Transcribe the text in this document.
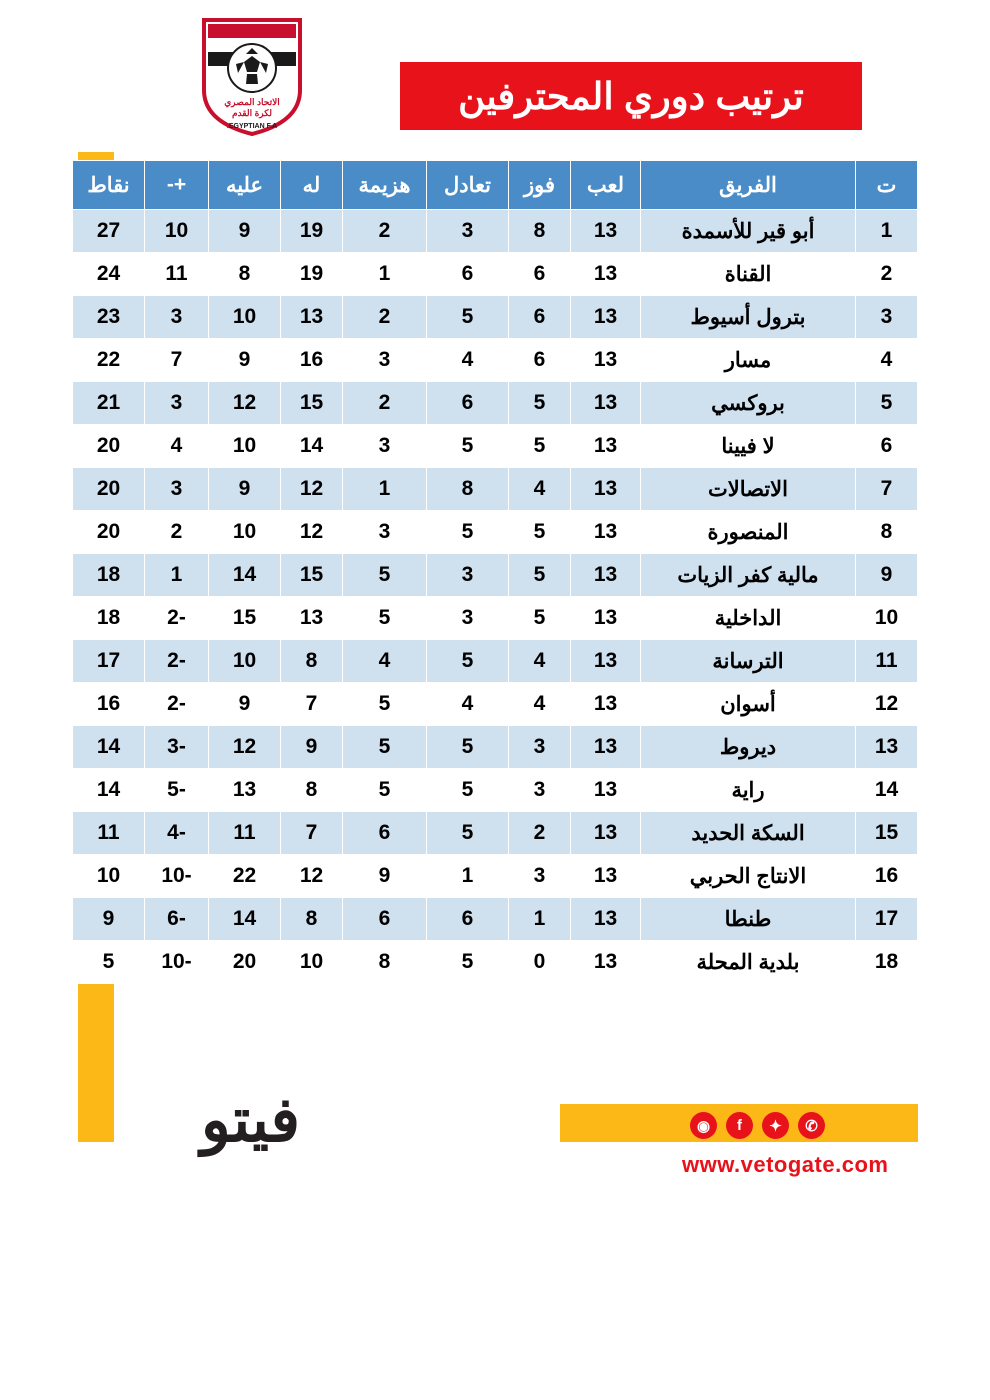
الاتحاد المصري
لكرة القدم
EGYPTIAN F.A.
ترتيب دوري المحترفين
ت	الفريق	لعب	فوز	تعادل	هزيمة	له	عليه	+-	نقاط
1	أبو قير للأسمدة	13	8	3	2	19	9	10	27
2	القناة	13	6	6	1	19	8	11	24
3	بترول أسيوط	13	6	5	2	13	10	3	23
4	مسار	13	6	4	3	16	9	7	22
5	بروكسي	13	5	6	2	15	12	3	21
6	لا فيينا	13	5	5	3	14	10	4	20
7	الاتصالات	13	4	8	1	12	9	3	20
8	المنصورة	13	5	5	3	12	10	2	20
9	مالية كفر الزيات	13	5	3	5	15	14	1	18
10	الداخلية	13	5	3	5	13	15	-2	18
11	الترسانة	13	4	5	4	8	10	-2	17
12	أسوان	13	4	4	5	7	9	-2	16
13	ديروط	13	3	5	5	9	12	-3	14
14	راية	13	3	5	5	8	13	-5	14
15	السكة الحديد	13	2	5	6	7	11	-4	11
16	الانتاج الحربي	13	3	1	9	12	22	-10	10
17	طنطا	13	1	6	6	8	14	-6	9
18	بلدية المحلة	13	0	5	8	10	20	-10	5
فيتو	◉	f	✦	✆
www.vetogate.com
